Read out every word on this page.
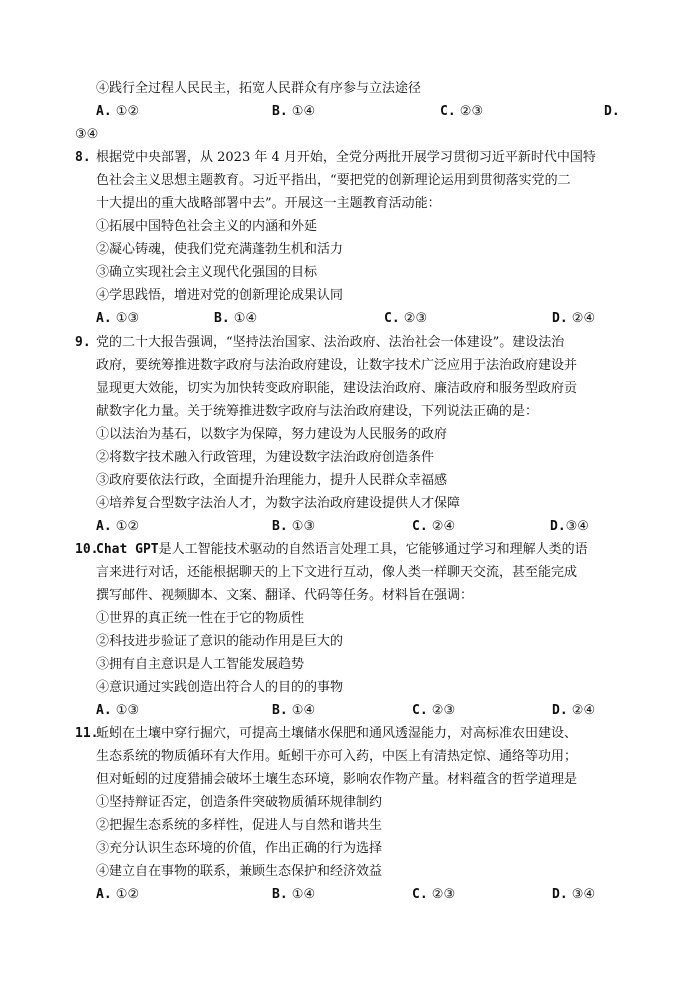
④践行全过程人民民主，拓宽人民群众有序参与立法途径
A. ①②	B. ①④	C. ②③	D.
③④
8. 根据党中央部署，从 2023 年 4 月开始，全党分两批开展学习贯彻习近平新时代中国特
色社会主义思想主题教育。习近平指出，“要把党的创新理论运用到贯彻落实党的二
十大提出的重大战略部署中去”。开展这一主题教育活动能：
①拓展中国特色社会主义的内涵和外延
②凝心铸魂，使我们党充满蓬勃生机和活力
③确立实现社会主义现代化强国的目标
④学思践悟，增进对党的创新理论成果认同
A. ①③	B. ①④	C. ②③	D. ②④
9. 党的二十大报告强调，“坚持法治国家、法治政府、法治社会一体建设”。建设法治
政府，要统筹推进数字政府与法治政府建设，让数字技术广泛应用于法治政府建设并
显现更大效能，切实为加快转变政府职能，建设法治政府、廉洁政府和服务型政府贡
献数字化力量。关于统筹推进数字政府与法治政府建设，下列说法正确的是：
①以法治为基石，以数字为保障，努力建设为人民服务的政府
②将数字技术融入行政管理，为建设数字法治政府创造条件
③政府要依法行政，全面提升治理能力，提升人民群众幸福感
④培养复合型数字法治人才，为数字法治政府建设提供人才保障
A. ①②	B. ①③	C. ②④	D.③④
10.
Chat GPT是人工智能技术驱动的自然语言处理工具，它能够通过学习和理解人类的语
言来进行对话，还能根据聊天的上下文进行互动，像人类一样聊天交流，甚至能完成
撰写邮件、视频脚本、文案、翻译、代码等任务。材料旨在强调：
①世界的真正统一性在于它的物质性
②科技进步验证了意识的能动作用是巨大的
③拥有自主意识是人工智能发展趋势
④意识通过实践创造出符合人的目的的事物
A. ①③	B. ①④	C. ②③	D. ②④
11.
蚯蚓在土壤中穿行掘穴，可提高土壤储水保肥和通风透湿能力，对高标准农田建设、
生态系统的物质循环有大作用。蚯蚓干亦可入药，中医上有清热定惊、通络等功用；
但对蚯蚓的过度猎捕会破坏土壤生态环境，影响农作物产量。材料蕴含的哲学道理是
①坚持辩证否定，创造条件突破物质循环规律制约
②把握生态系统的多样性，促进人与自然和谐共生
③充分认识生态环境的价值，作出正确的行为选择
④建立自在事物的联系，兼顾生态保护和经济效益
A. ①②	B. ①④	C. ②③	D. ③④
